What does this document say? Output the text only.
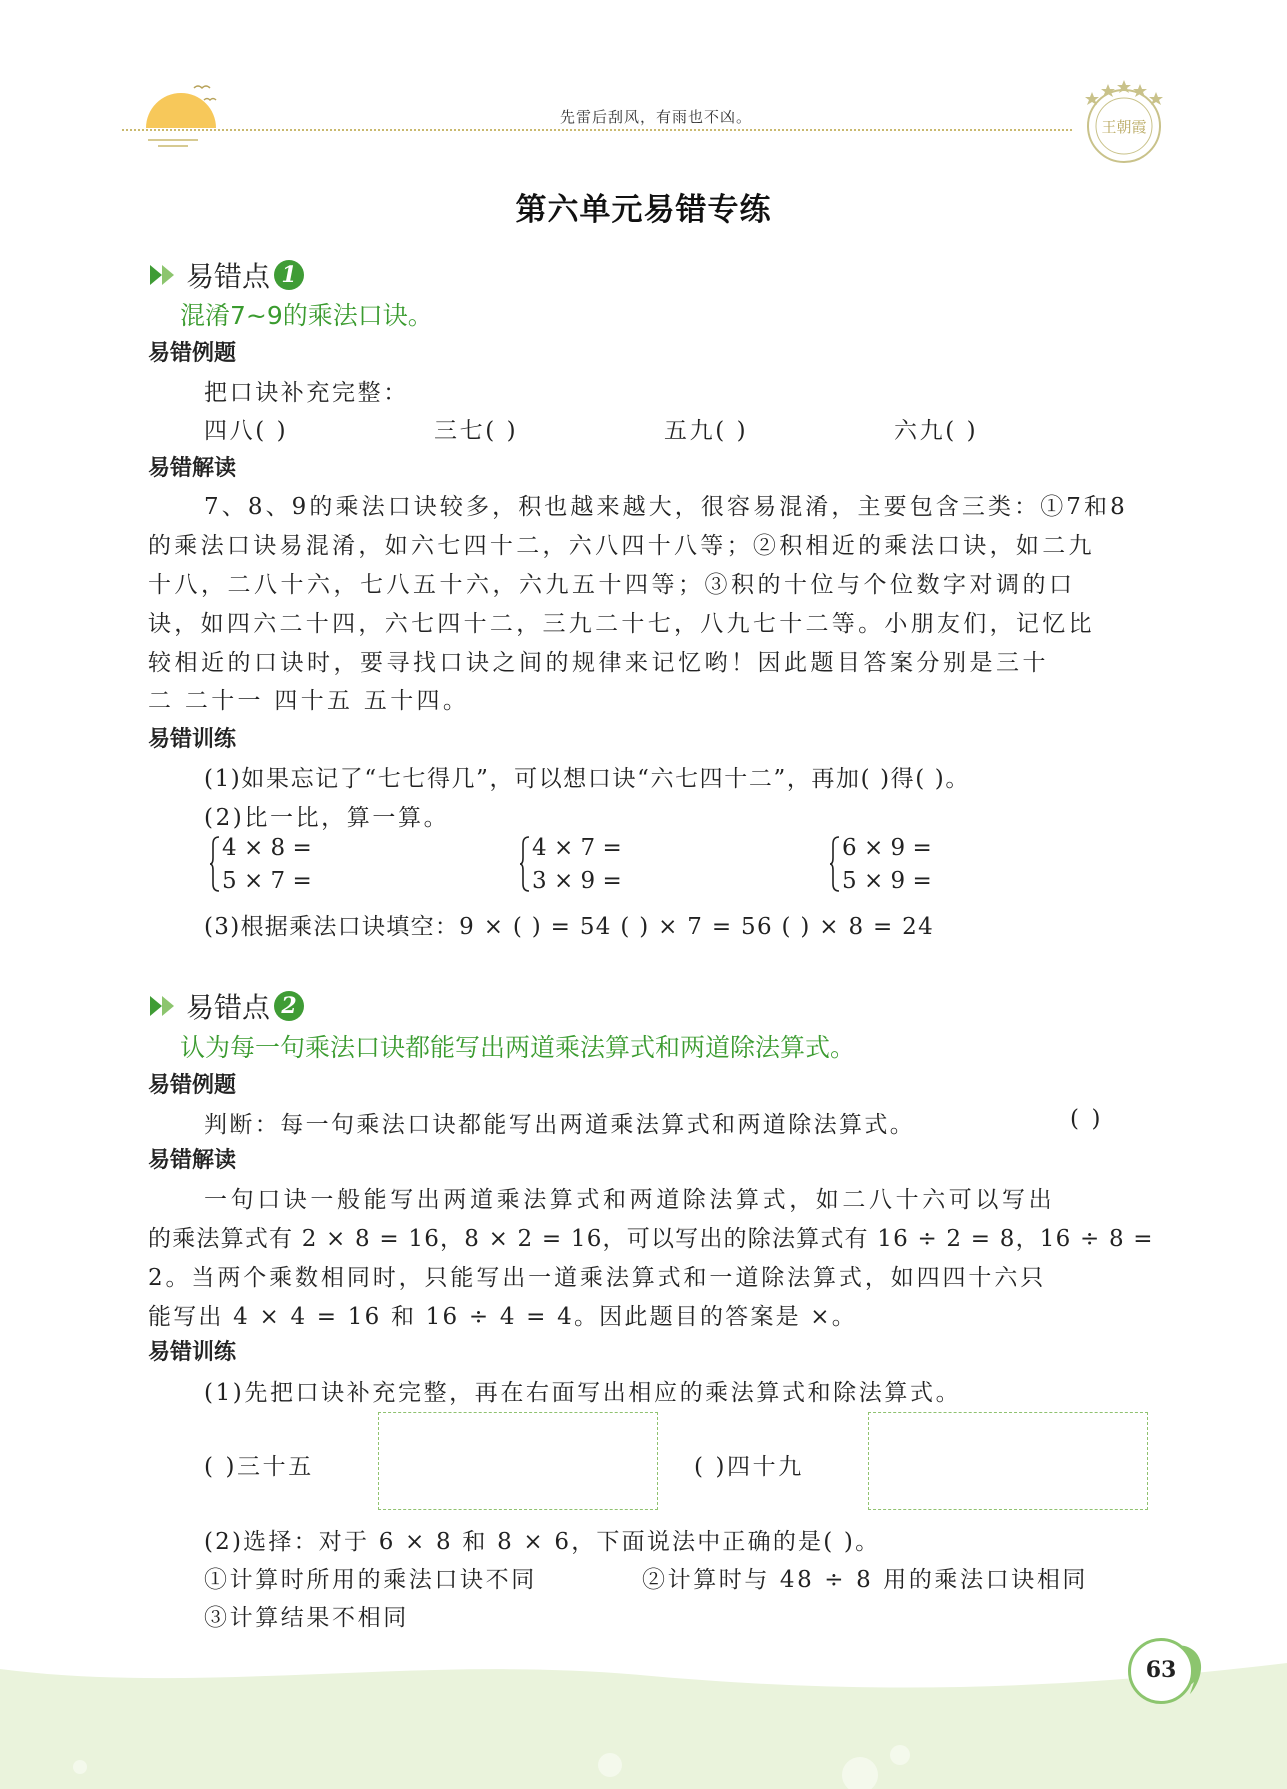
先雷后刮风，有雨也不凶。
王朝霞
第六单元易错专练
易错点 1
混淆7~9的乘法口诀。
易错例题
把口诀补充完整：
四八( )	三七( )	五九( )	六九( )
易错解读
7、8、9的乘法口诀较多，积也越来越大，很容易混淆，主要包含三类：①7和8
的乘法口诀易混淆，如六七四十二，六八四十八等；②积相近的乘法口诀，如二九
十八，二八十六，七八五十六，六九五十四等；③积的十位与个位数字对调的口
诀，如四六二十四，六七四十二，三九二十七，八九七十二等。小朋友们，记忆比
较相近的口诀时，要寻找口诀之间的规律来记忆哟！因此题目答案分别是三十
二 二十一 四十五 五十四。
易错训练
(1)如果忘记了“七七得几”，可以想口诀“六七四十二”，再加( )得( )。
(2)比一比，算一算。
4 × 8 =
5 × 7 =
4 × 7 =
3 × 9 =
6 × 9 =
5 × 9 =
(3)根据乘法口诀填空：9 × ( ) = 54 ( ) × 7 = 56 ( ) × 8 = 24
易错点 2
认为每一句乘法口诀都能写出两道乘法算式和两道除法算式。
易错例题
判断：每一句乘法口诀都能写出两道乘法算式和两道除法算式。	( )
易错解读
一句口诀一般能写出两道乘法算式和两道除法算式，如二八十六可以写出
的乘法算式有 2 × 8 = 16，8 × 2 = 16，可以写出的除法算式有 16 ÷ 2 = 8，16 ÷ 8 =
2。当两个乘数相同时，只能写出一道乘法算式和一道除法算式，如四四十六只
能写出 4 × 4 = 16 和 16 ÷ 4 = 4。因此题目的答案是 ×。
易错训练
(1)先把口诀补充完整，再在右面写出相应的乘法算式和除法算式。
( )三十五	( )四十九
(2)选择：对于 6 × 8 和 8 × 6，下面说法中正确的是( )。
①计算时所用的乘法口诀不同	②计算时与 48 ÷ 8 用的乘法口诀相同
③计算结果不相同
63
